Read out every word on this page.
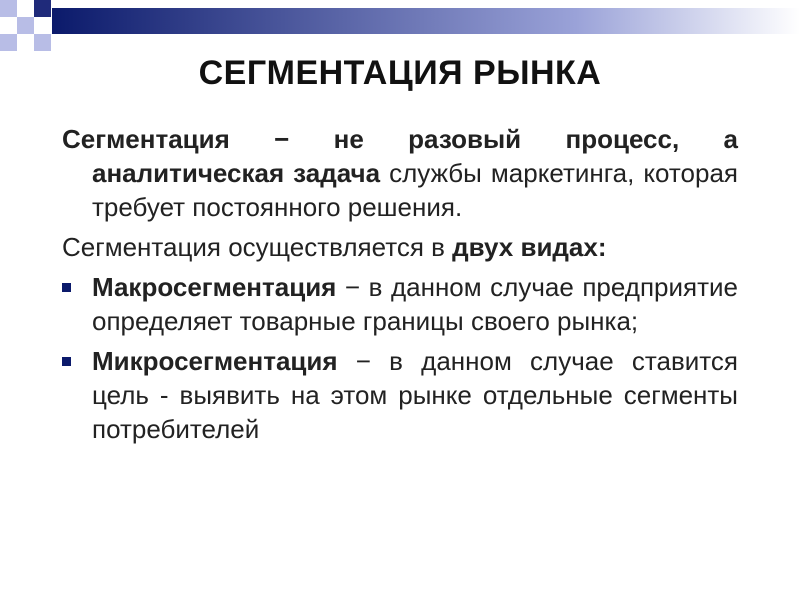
СЕГМЕНТАЦИЯ РЫНКА

Сегментация − не разовый процесс, а аналитическая задача службы маркетинга, которая требует постоянного решения.

Сегментация осуществляется в двух видах:

Макросегментация − в данном случае предприятие определяет товарные границы своего рынка;
Микросегментация − в данном случае ставится цель - выявить на этом рынке отдельные сегменты потребителей
